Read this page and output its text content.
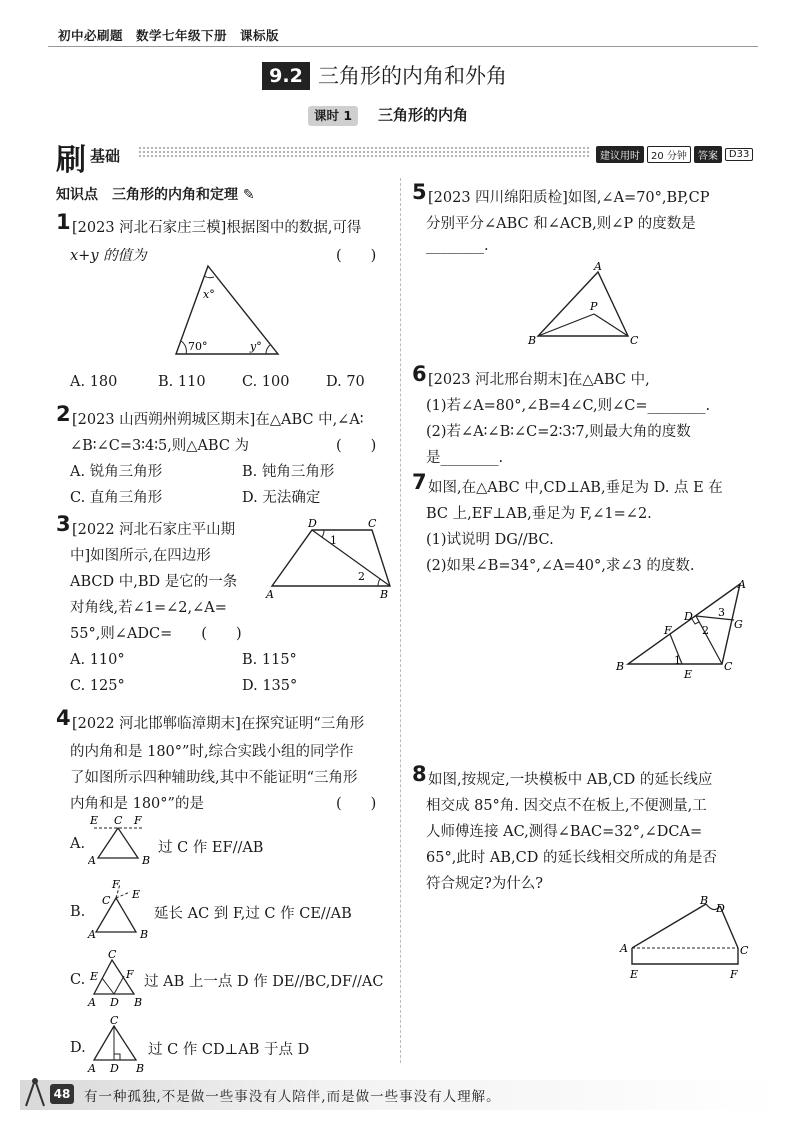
初中必刷题　数学七年级下册　课标版
9.2 三角形的内角和外角
课时 1	三角形的内角
刷 基础	建议用时	20 分钟	答案	D33
知识点　三角形的内角和定理 ✎
1 [2023 河北石家庄三模]根据图中的数据,可得
x+y 的值为	(　　)
x°
70°	y°
A. 180	B. 110	C. 100	D. 70
2 [2023 山西朔州朔城区期末]在△ABC 中,∠A∶
∠B∶∠C=3∶4∶5,则△ABC 为	(　　)
A. 锐角三角形	B. 钝角三角形
C. 直角三角形	D. 无法确定
3 [2022 河北石家庄平山期
中]如图所示,在四边形
ABCD 中,BD 是它的一条
对角线,若∠1=∠2,∠A=
55°,则∠ADC=　　(　　)
D	C
A	B
1
2
A. 110°	B. 115°
C. 125°	D. 135°
4 [2022 河北邯郸临漳期末]在探究证明“三角形
的内角和是 180°”时,综合实践小组的同学作
了如图所示四种辅助线,其中不能证明“三角形
内角和是 180°”的是	(　　)
A.
E C F
A	B
过 C 作 EF//AB
B.
F
C E
A	B
延长 AC 到 F,过 C 作 CE//AB
C.
C
E	F
A D B
过 AB 上一点 D 作 DE//BC,DF//AC
D.
C
A D B
过 C 作 CD⊥AB 于点 D
5 [2023 四川绵阳质检]如图,∠A=70°,BP,CP
分别平分∠ABC 和∠ACB,则∠P 的度数是
________.
A
P
B	C
6 [2023 河北邢台期末]在△ABC 中,
(1)若∠A=80°,∠B=4∠C,则∠C=________.
(2)若∠A∶∠B∶∠C=2∶3∶7,则最大角的度数
是________.
7 如图,在△ABC 中,CD⊥AB,垂足为 D. 点 E 在
BC 上,EF⊥AB,垂足为 F,∠1=∠2.
(1)试说明 DG//BC.
(2)如果∠B=34°,∠A=40°,求∠3 的度数.
A
D 3
G
F	2
B	1
E
C
8 如图,按规定,一块模板中 AB,CD 的延长线应
相交成 85°角. 因交点不在板上,不便测量,工
人师傅连接 AC,测得∠BAC=32°,∠DCA=
65°,此时 AB,CD 的延长线相交所成的角是否
符合规定?为什么?
B
D
A	C
E	F
48 有一种孤独,不是做一些事没有人陪伴,而是做一些事没有人理解。
